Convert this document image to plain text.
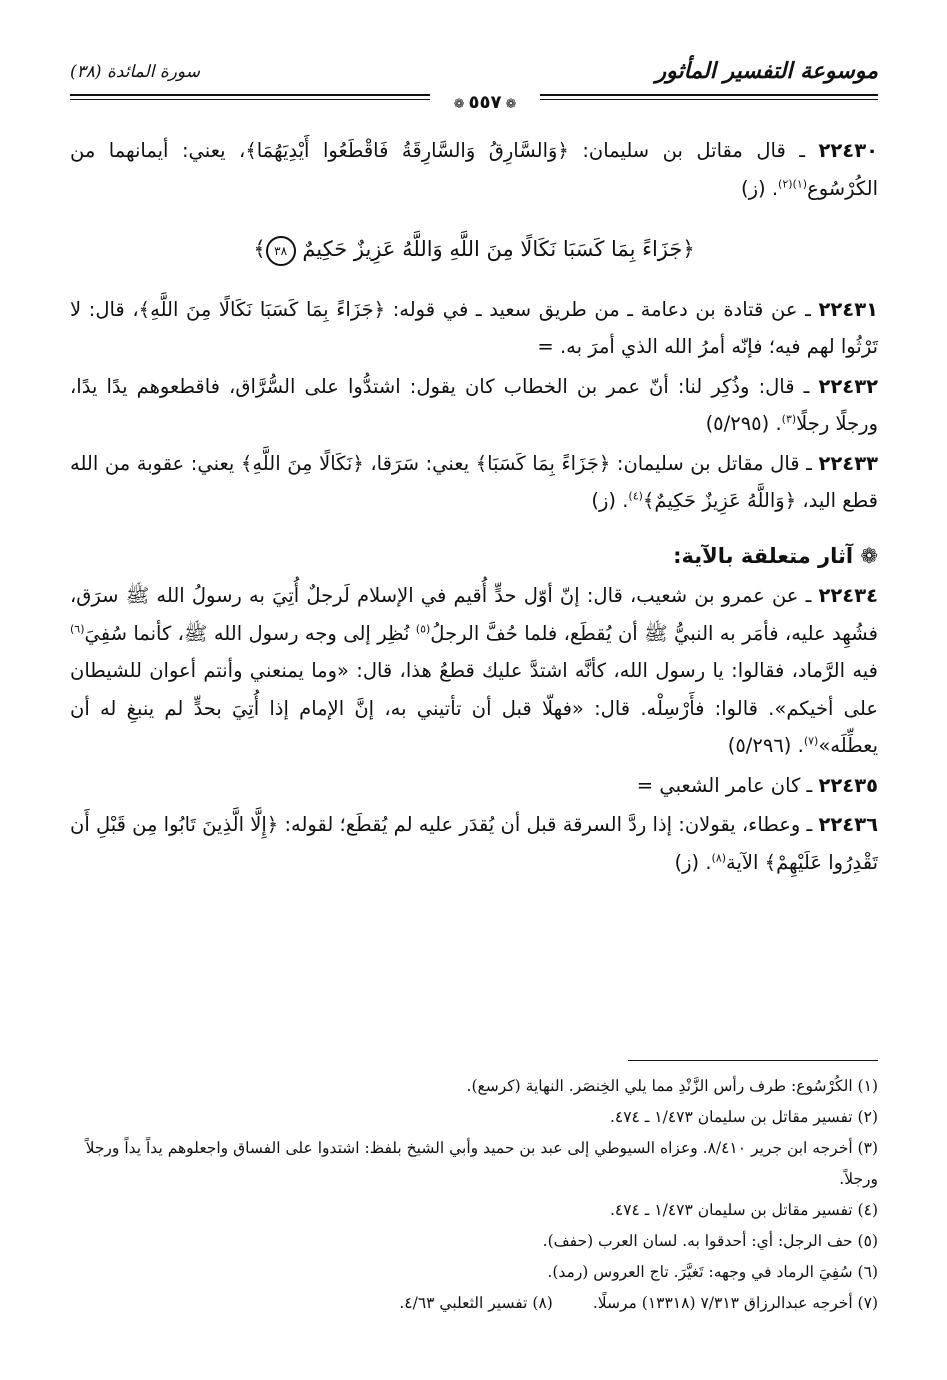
موسوعة التفسير المأثور
سورة المائدة (٣٨)
❁ ٥٥٧ ❁

٢٢٤٣٠ ـ قال مقاتل بن سليمان: ﴿وَالسَّارِقُ وَالسَّارِقَةُ فَاقْطَعُوا أَيْدِيَهُمَا﴾، يعني: أيمانهما من الكُرْسُوع$^{(١)(٢)}$. (ز)

﴿جَزَاءً بِمَا كَسَبَا نَكَالًا مِنَ اللَّهِ وَاللَّهُ عَزِيزٌ حَكِيمٌ ٣٨﴾

٢٢٤٣١ ـ عن قتادة بن دعامة ـ من طريق سعيد ـ في قوله: ﴿جَزَاءً بِمَا كَسَبَا نَكَالًا مِنَ اللَّهِ﴾، قال: لا تَرْثُوا لهم فيه؛ فإنّه أمرُ الله الذي أمرَ به. =

٢٢٤٣٢ ـ قال: وذُكِر لنا: أنّ عمر بن الخطاب كان يقول: اشتدُّوا على السُّرَّاق، فاقطعوهم يدًا يدًا، ورجلًا رجلًا$^{(٣)}$. (٥/٢٩٥)

٢٢٤٣٣ ـ قال مقاتل بن سليمان: ﴿جَزَاءً بِمَا كَسَبَا﴾ يعني: سَرَقا، ﴿نَكَالًا مِنَ اللَّهِ﴾ يعني: عقوبة من الله قطع اليد، ﴿وَاللَّهُ عَزِيزٌ حَكِيمٌ﴾$^{(٤)}$. (ز)

❁ آثار متعلقة بالآية:

٢٢٤٣٤ ـ عن عمرو بن شعيب، قال: إنّ أوّل حدٍّ أُقيم في الإسلام لَرجلٌ أُتِيَ به رسولُ الله ﷺ سرَق، فشُهِد عليه، فأمَر به النبيُّ ﷺ أن يُقطَع، فلما حُفَّ الرجلُ$^{(٥)}$ نُظِر إلى وجه رسول الله ﷺ، كأنما سُفِيَ$^{(٦)}$ فيه الرَّماد، فقالوا: يا رسول الله، كأنَّه اشتدَّ عليك قطعُ هذا، قال: «وما يمنعني وأنتم أعوان للشيطان على أخيكم». قالوا: فأَرْسِلْه. قال: «فهلّا قبل أن تأتيني به، إنَّ الإمام إذا أُتِيَ بحدٍّ لم ينبغِ له أن يعطِّلَه»$^{(٧)}$. (٥/٢٩٦)

٢٢٤٣٥ ـ كان عامر الشعبي =

٢٢٤٣٦ ـ وعطاء، يقولان: إذا ردَّ السرقة قبل أن يُقدَر عليه لم يُقطَع؛ لقوله: ﴿إِلَّا الَّذِينَ تَابُوا مِن قَبْلِ أَن تَقْدِرُوا عَلَيْهِمْ﴾ الآية$^{(٨)}$. (ز)

(١) الكُرْسُوع: طرف رأس الزَّنْدِ مما يلي الخِنصَر. النهاية (كرسع).

(٢) تفسير مقاتل بن سليمان ١/٤٧٣ ـ ٤٧٤.

(٣) أخرجه ابن جرير ٨/٤١٠. وعزاه السيوطي إلى عبد بن حميد وأبي الشيخ بلفظ: اشتدوا على الفساق واجعلوهم يداً يداً ورجلاً ورجلاً.

(٤) تفسير مقاتل بن سليمان ١/٤٧٣ ـ ٤٧٤.

(٥) حف الرجل: أي: أحدقوا به. لسان العرب (حفف).

(٦) سُفِيَ الرماد في وجهه: تَغيَّرَ. تاج العروس (رمد).

(٧) أخرجه عبدالرزاق ٧/٣١٣ (١٣٣١٨) مرسلًا.(٨) تفسير الثعلبي ٤/٦٣.
